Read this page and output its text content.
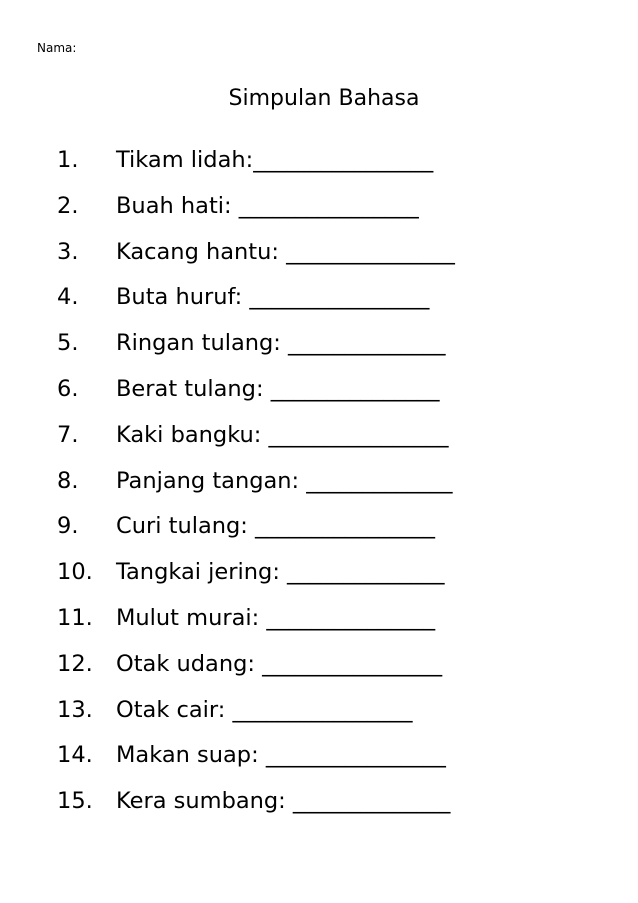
Nama:
Simpulan Bahasa
1. Tikam lidah:________________
2. Buah hati: ________________
3. Kacang hantu: _______________
4. Buta huruf: ________________
5. Ringan tulang: ______________
6. Berat tulang: _______________
7. Kaki bangku: ________________
8. Panjang tangan: _____________
9. Curi tulang: ________________
10. Tangkai jering: ______________
11. Mulut murai: _______________
12. Otak udang: ________________
13. Otak cair: ________________
14. Makan suap: ________________
15. Kera sumbang: ______________
